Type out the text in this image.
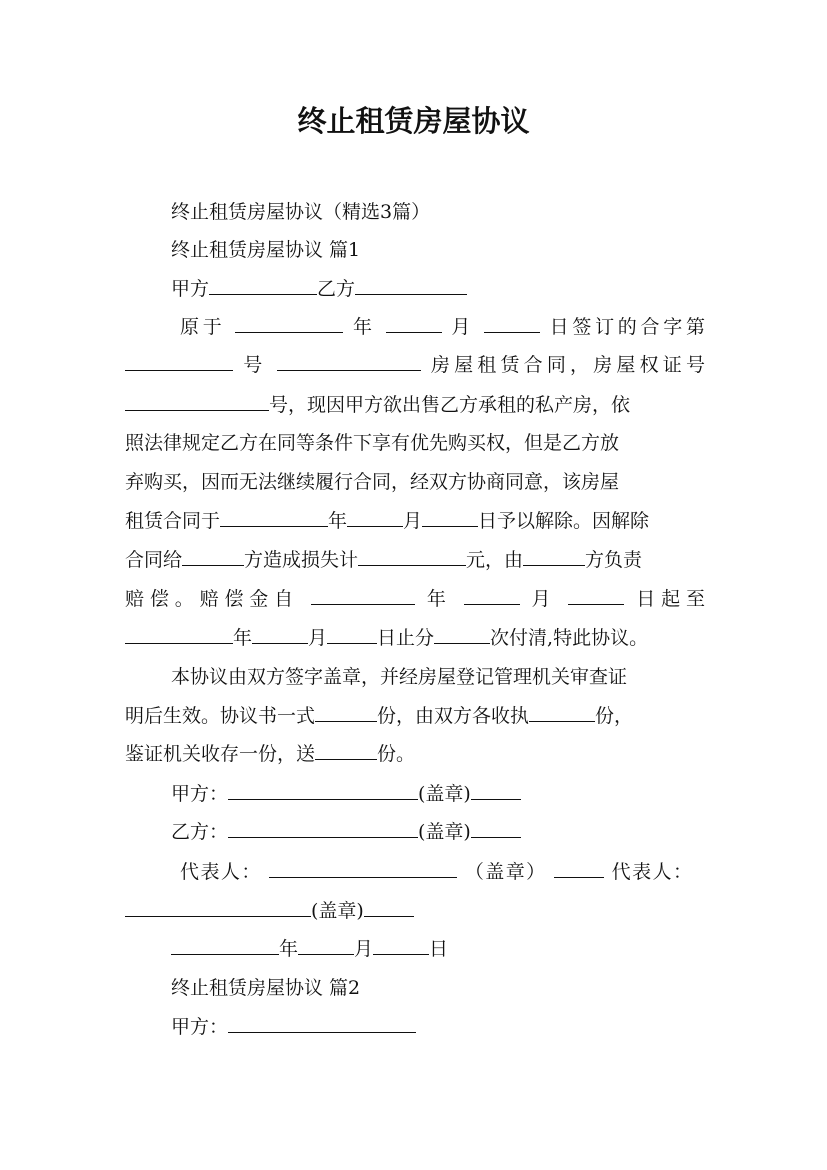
终止租赁房屋协议
终止租赁房屋协议（精选3篇）
终止租赁房屋协议 篇1
甲方	乙方
原于	年	月	日签订的合字第
号	房屋租赁合同，房屋权证号
号，现因甲方欲出售乙方承租的私产房，依
照法律规定乙方在同等条件下享有优先购买权，但是乙方放
弃购买，因而无法继续履行合同，经双方协商同意，该房屋
租赁合同于	年	月	日予以解除。因解除
合同给	方造成损失计	元，由	方负责
赔偿。赔偿金自	年	月	日起至
年	月	日止分	次付清,特此协议。
本协议由双方签字盖章，并经房屋登记管理机关审查证
明后生效。协议书一式	份，由双方各收执	份，
鉴证机关收存一份，送	份。
甲方：	(盖章)
乙方：	(盖章)
代表人：	（盖章）	代表人：
(盖章)
年	月	日
终止租赁房屋协议 篇2
甲方：
